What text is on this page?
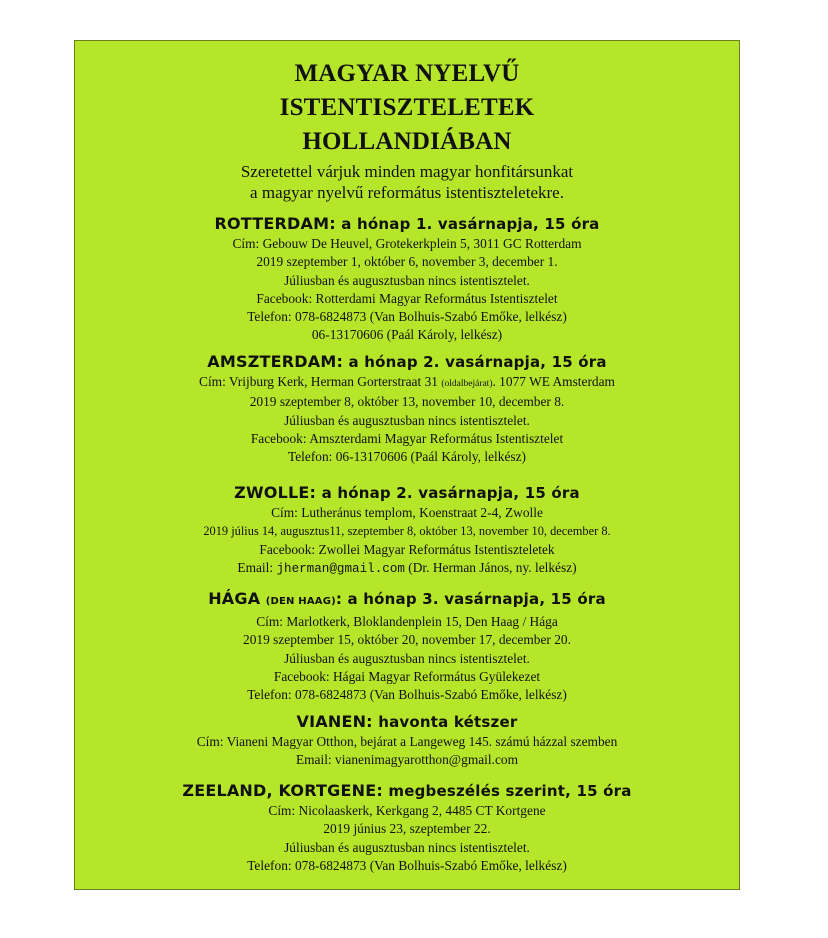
MAGYAR NYELVŰ
ISTENTISZTELETEK
HOLLANDIÁBAN
Szeretettel várjuk minden magyar honfitársunkat
a magyar nyelvű református istentiszteletekre.
ROTTERDAM: a hónap 1. vasárnapja, 15 óra
Cím: Gebouw De Heuvel, Grotekerkplein 5, 3011 GC Rotterdam
2019 szeptember 1, október 6, november 3, december 1.
Júliusban és augusztusban nincs istentisztelet.
Facebook: Rotterdami Magyar Református Istentisztelet
Telefon: 078-6824873 (Van Bolhuis-Szabó Emőke, lelkész)
06-13170606 (Paál Károly, lelkész)
AMSZTERDAM: a hónap 2. vasárnapja, 15 óra
Cím: Vrijburg Kerk, Herman Gorterstraat 31 (oldalbejárat). 1077 WE Amsterdam
2019 szeptember 8, október 13, november 10, december 8.
Júliusban és augusztusban nincs istentisztelet.
Facebook: Amszterdami Magyar Református Istentisztelet
Telefon: 06-13170606 (Paál Károly, lelkész)
ZWOLLE: a hónap 2. vasárnapja, 15 óra
Cím: Lutheránus templom, Koenstraat 2-4, Zwolle
2019 július 14, augusztus11, szeptember 8, október 13, november 10, december 8.
Facebook: Zwollei Magyar Református Istentiszteletek
Email: jherman@gmail.com (Dr. Herman János, ny. lelkész)
HÁGA (DEN HAAG): a hónap 3. vasárnapja, 15 óra
Cím: Marlotkerk, Bloklandenplein 15, Den Haag / Hága
2019 szeptember 15, október 20, november 17, december 20.
Júliusban és augusztusban nincs istentisztelet.
Facebook: Hágai Magyar Református Gyülekezet
Telefon: 078-6824873 (Van Bolhuis-Szabó Emőke, lelkész)
VIANEN: havonta kétszer
Cím: Vianeni Magyar Otthon, bejárat a Langeweg 145. számú házzal szemben
Email: vianenimagyarotthon@gmail.com
ZEELAND, KORTGENE: megbeszélés szerint, 15 óra
Cím: Nicolaaskerk, Kerkgang 2, 4485 CT Kortgene
2019 június 23, szeptember 22.
Júliusban és augusztusban nincs istentisztelet.
Telefon: 078-6824873 (Van Bolhuis-Szabó Emőke, lelkész)
